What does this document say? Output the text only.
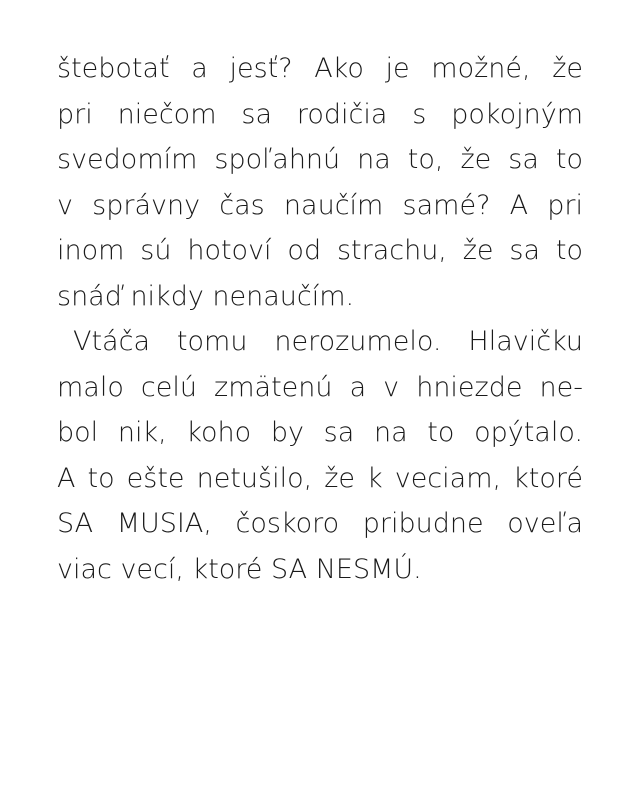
štebotať a jesť? Ako je možné, že
pri niečom sa rodičia s pokojným
svedomím spoľahnú na to, že sa to
v správny čas naučím samé? A pri
inom sú hotoví od strachu, že sa to
snáď nikdy nenaučím.

Vtáča tomu nerozumelo. Hlavičku
malo celú zmätenú a v hniezde ne-
bol nik, koho by sa na to opýtalo.
A to ešte netušilo, že k veciam, ktoré
SA MUSIA, čoskoro pribudne oveľa
viac vecí, ktoré SA NESMÚ.
